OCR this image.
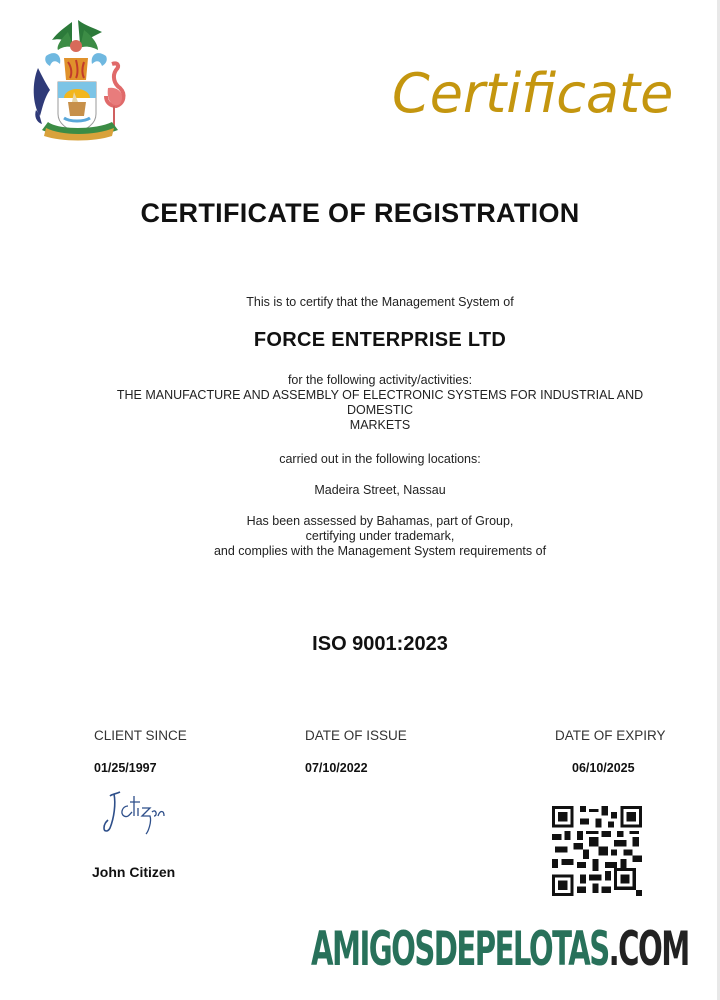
Certificate
CERTIFICATE OF REGISTRATION
This is to certify that the Management System of
FORCE ENTERPRISE LTD
for the following activity/activities:
THE MANUFACTURE AND ASSEMBLY OF ELECTRONIC SYSTEMS FOR INDUSTRIAL AND
DOMESTIC
MARKETS
carried out in the following locations:
Madeira Street, Nassau
Has been assessed by Bahamas, part of Group,
certifying under trademark,
and complies with the Management System requirements of
ISO 9001:2023
CLIENT SINCE
01/25/1997
DATE OF ISSUE
07/10/2022
DATE OF EXPIRY
06/10/2025
John Citizen
AMIGOSDEPELOTAS.COM
